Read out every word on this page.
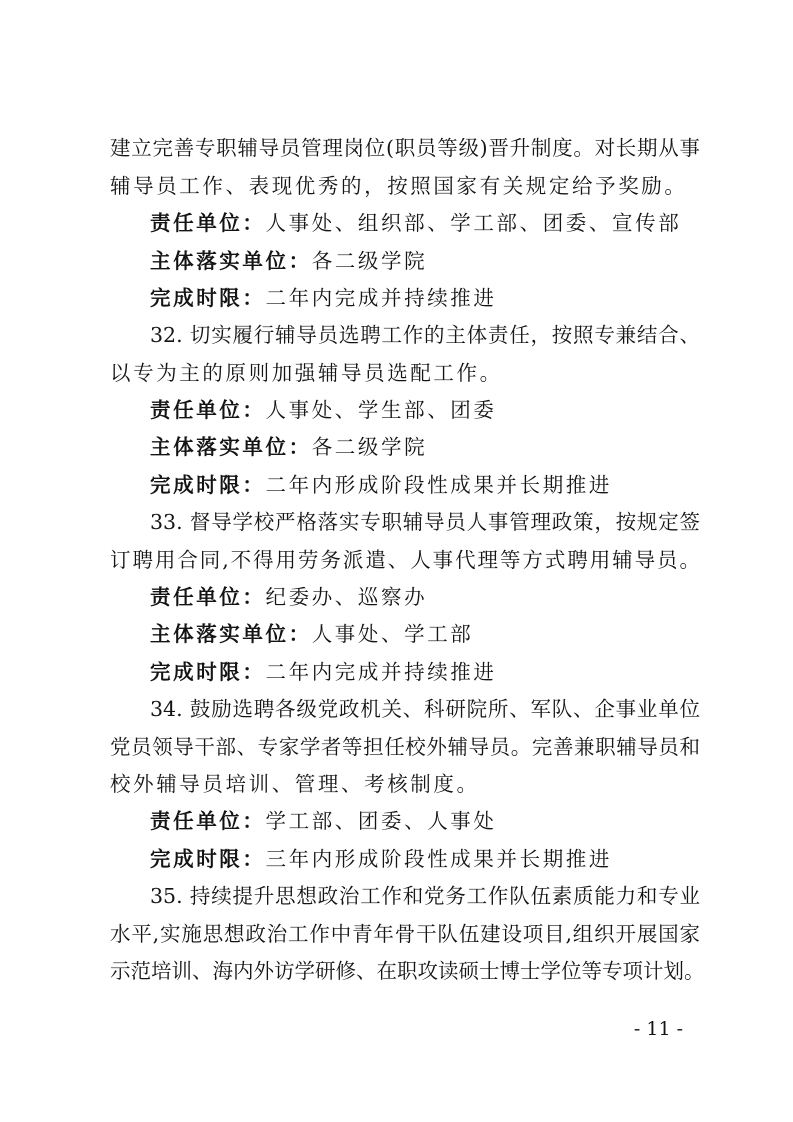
建立完善专职辅导员管理岗位(职员等级)晋升制度。对长期从事
辅导员工作、表现优秀的，按照国家有关规定给予奖励。
责任单位：人事处、组织部、学工部、团委、宣传部
主体落实单位：各二级学院
完成时限：二年内完成并持续推进
32. 切实履行辅导员选聘工作的主体责任，按照专兼结合、
以专为主的原则加强辅导员选配工作。
责任单位：人事处、学生部、团委
主体落实单位：各二级学院
完成时限：二年内形成阶段性成果并长期推进
33. 督导学校严格落实专职辅导员人事管理政策，按规定签
订聘用合同,不得用劳务派遣、人事代理等方式聘用辅导员。
责任单位：纪委办、巡察办
主体落实单位：人事处、学工部
完成时限：二年内完成并持续推进
34. 鼓励选聘各级党政机关、科研院所、军队、企事业单位
党员领导干部、专家学者等担任校外辅导员。完善兼职辅导员和
校外辅导员培训、管理、考核制度。
责任单位：学工部、团委、人事处
完成时限：三年内形成阶段性成果并长期推进
35. 持续提升思想政治工作和党务工作队伍素质能力和专业
水平,实施思想政治工作中青年骨干队伍建设项目,组织开展国家
示范培训、海内外访学研修、在职攻读硕士博士学位等专项计划。
- 11 -
